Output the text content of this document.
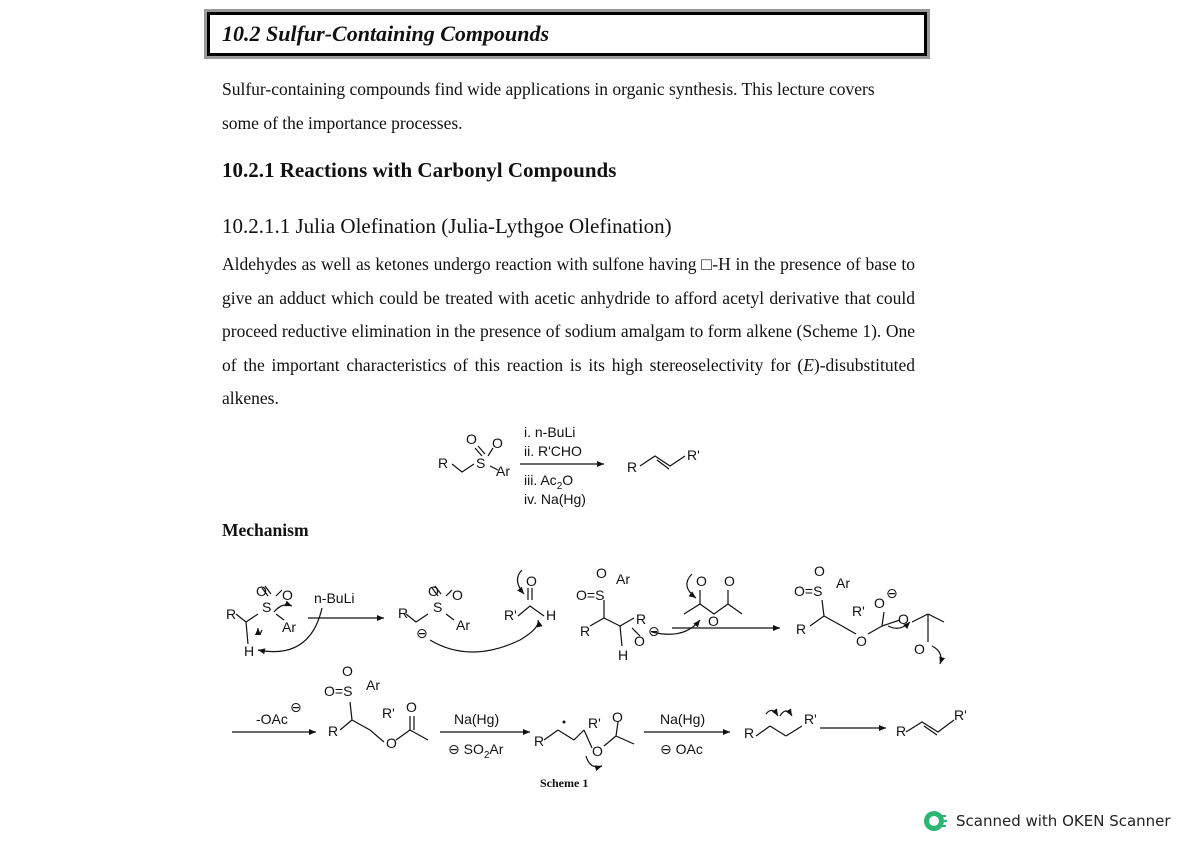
10.2 Sulfur-Containing Compounds
Sulfur-containing compounds find wide applications in organic synthesis. This lecture covers some of the importance processes.
10.2.1 Reactions with Carbonyl Compounds
10.2.1.1 Julia Olefination (Julia-Lythgoe Olefination)
Aldehydes as well as ketones undergo reaction with sulfone having □-H in the presence of base to give an adduct which could be treated with acetic anhydride to afford acetyl derivative that could proceed reductive elimination in the presence of sodium amalgam to form alkene (Scheme 1). One of the important characteristics of this reaction is its high stereoselectivity for (E)-disubstituted alkenes.
Mechanism
Scheme 1
R S
O O
Ar
i. n-BuLi
ii. R'CHO
iii. $Ac_2O$
iv. Na(Hg)
R
R'
R S
O O
Ar
H
n-BuLi
R S
O O
Ar
⊖
R' H
O
O=S
O Ar
R
R
O
⊖
H
O
O
O
O=S
O
Ar
R
R'
O
O
⊖
O
O
-OAc
⊖
O=S
O
Ar
R
R'
O
O
Na(Hg)
⊖ $SO_2Ar$ R
R'
O
O	Na(Hg)
⊖ OAc
R
R'
R
R'
Scanned with OKEN Scanner
